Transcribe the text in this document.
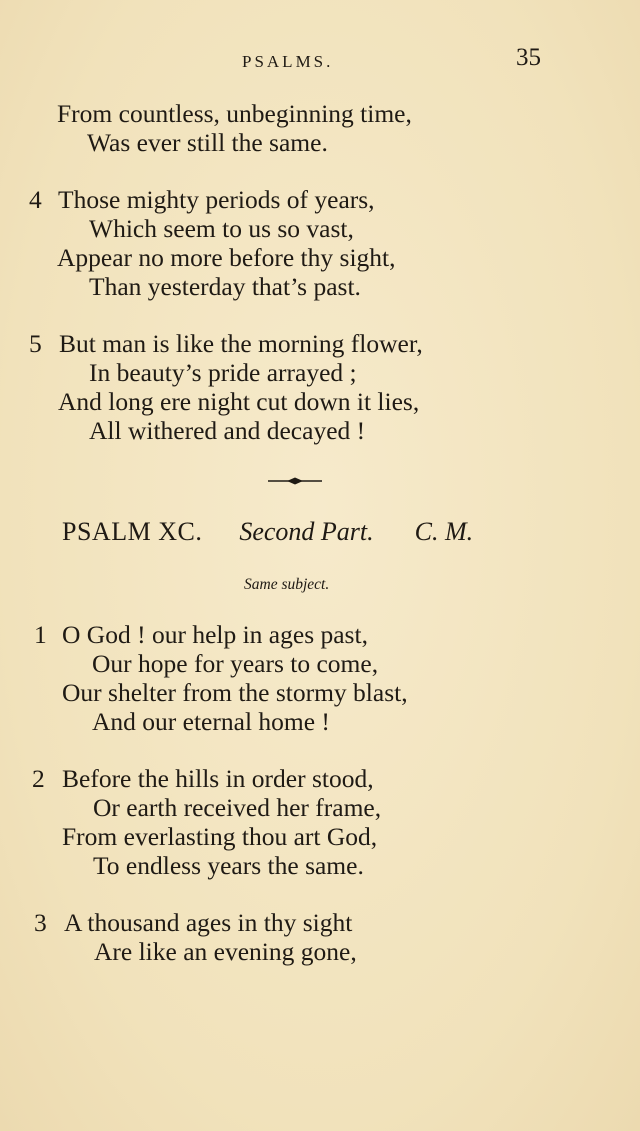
PSALMS.	35
From countless, unbeginning time,
Was ever still the same.
4 Those mighty periods of years,
Which seem to us so vast,
Appear no more before thy sight,
Than yesterday that’s past.
5 But man is like the morning flower,
In beauty’s pride arrayed ;
And long ere night cut down it lies,
All withered and decayed !
PSALM XC. Second Part. C. M.
Same subject.
1 O God ! our help in ages past,
Our hope for years to come,
Our shelter from the stormy blast,
And our eternal home !
2 Before the hills in order stood,
Or earth received her frame,
From everlasting thou art God,
To endless years the same.
3 A thousand ages in thy sight
Are like an evening gone,
